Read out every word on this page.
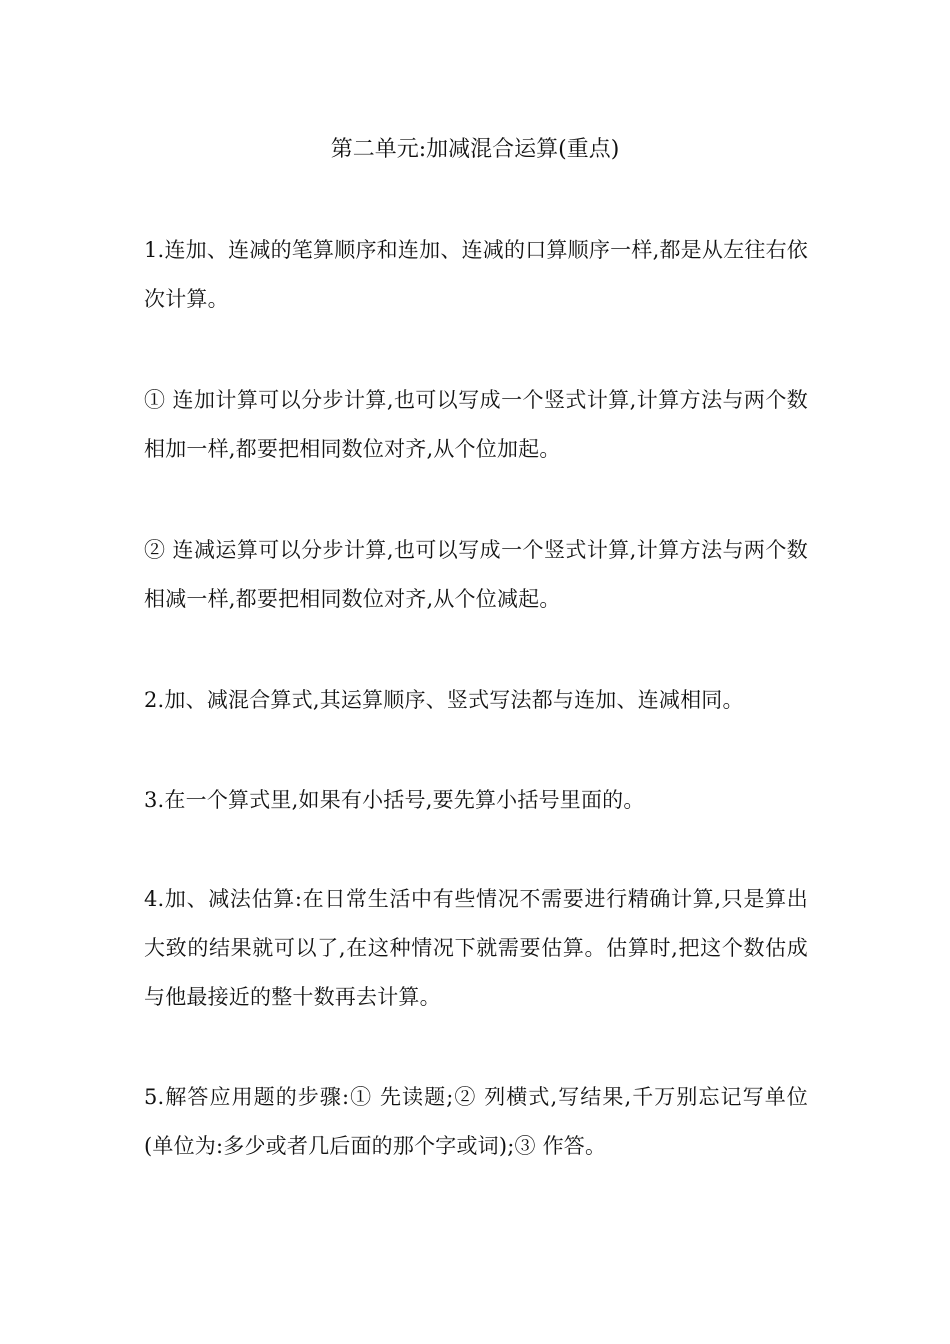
第二单元:加减混合运算(重点)

1.连加、连减的笔算顺序和连加、连减的口算顺序一样,都是从左往右依次计算。

① 连加计算可以分步计算,也可以写成一个竖式计算,计算方法与两个数相加一样,都要把相同数位对齐,从个位加起。

② 连减运算可以分步计算,也可以写成一个竖式计算,计算方法与两个数相减一样,都要把相同数位对齐,从个位减起。

2.加、减混合算式,其运算顺序、竖式写法都与连加、连减相同。

3.在一个算式里,如果有小括号,要先算小括号里面的。

4.加、减法估算:在日常生活中有些情况不需要进行精确计算,只是算出大致的结果就可以了,在这种情况下就需要估算。估算时,把这个数估成与他最接近的整十数再去计算。

5.解答应用题的步骤:① 先读题;② 列横式,写结果,千万别忘记写单位(单位为:多少或者几后面的那个字或词);③ 作答。
